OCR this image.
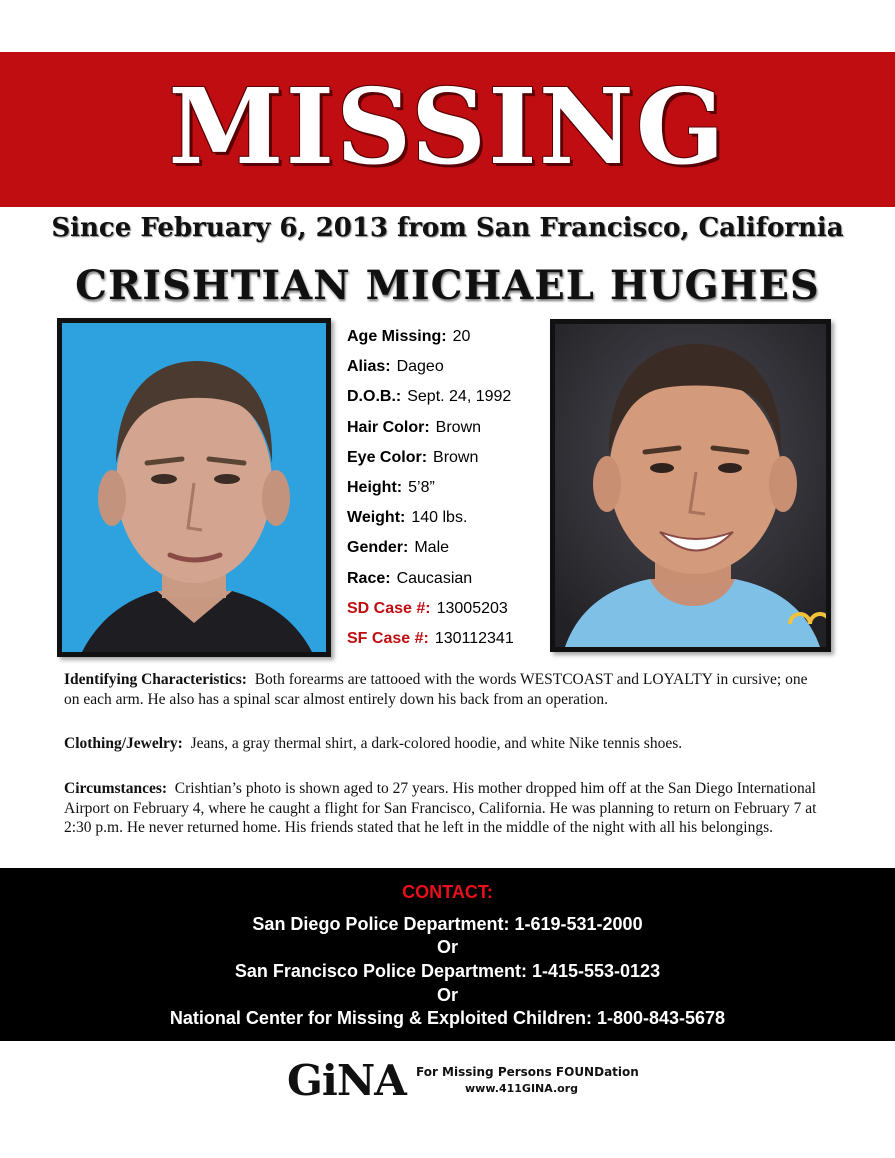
MISSING
Since February 6, 2013 from San Francisco, California
CRISHTIAN MICHAEL HUGHES
Age Missing: 20
Alias: Dageo
D.O.B.: Sept. 24, 1992
Hair Color: Brown
Eye Color: Brown
Height: 5’8”
Weight: 140 lbs.
Gender: Male
Race: Caucasian
SD Case #: 13005203
SF Case #: 130112341
Identifying Characteristics: Both forearms are tattooed with the words WESTCOAST and LOYALTY in cursive; one on each arm. He also has a spinal scar almost entirely down his back from an operation.
Clothing/Jewelry: Jeans, a gray thermal shirt, a dark-colored hoodie, and white Nike tennis shoes.
Circumstances: Crishtian’s photo is shown aged to 27 years. His mother dropped him off at the San Diego International Airport on February 4, where he caught a flight for San Francisco, California. He was planning to return on February 7 at 2:30 p.m. He never returned home. His friends stated that he left in the middle of the night with all his belongings.
CONTACT:
San Diego Police Department: 1-619-531-2000
Or
San Francisco Police Department: 1-415-553-0123
Or
National Center for Missing & Exploited Children: 1-800-843-5678
GiNA For Missing Persons FOUNDation
www.411GINA.org
